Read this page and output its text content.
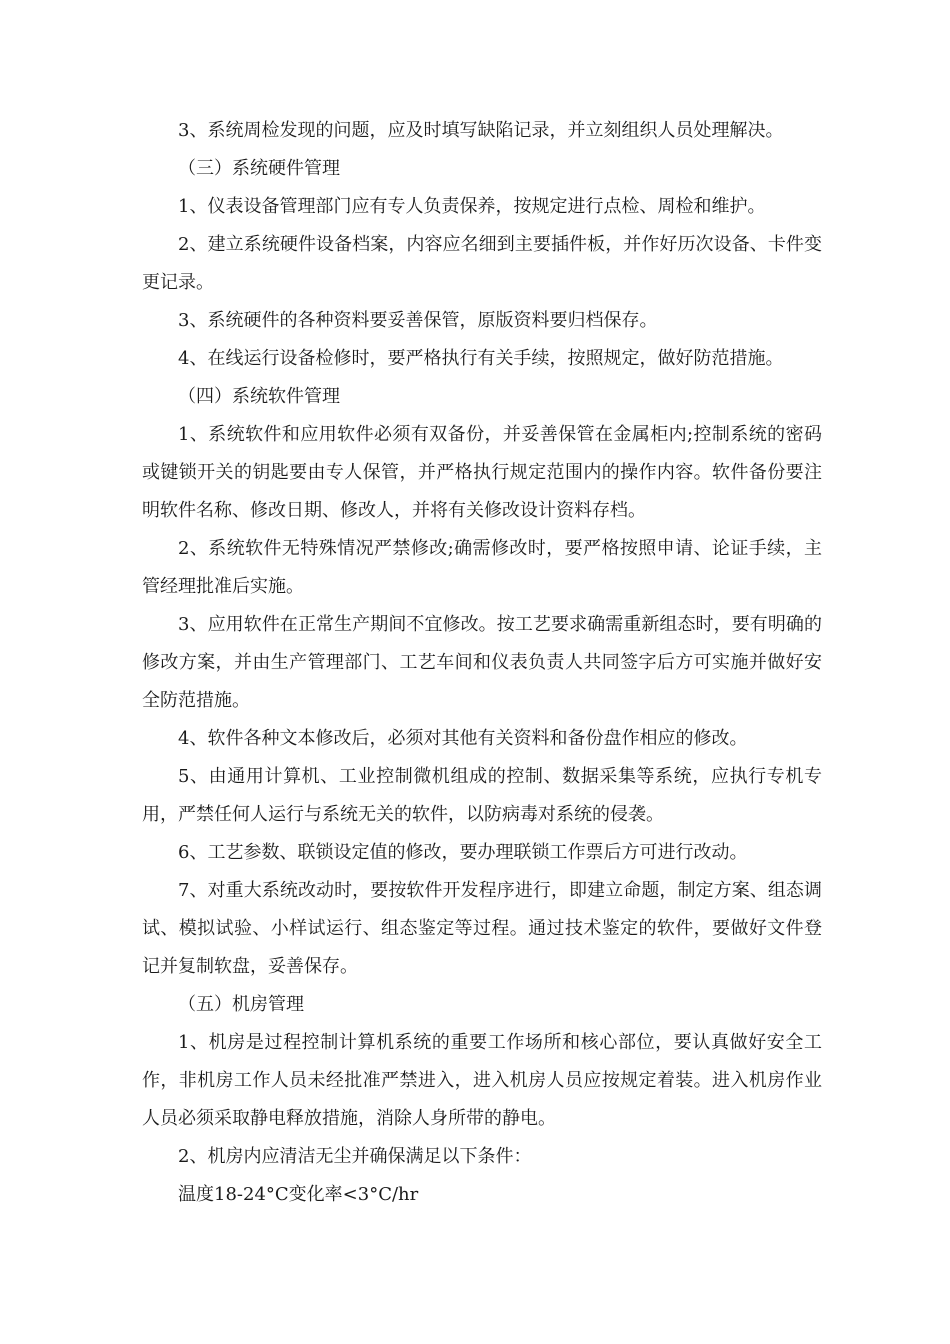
3、系统周检发现的问题，应及时填写缺陷记录，并立刻组织人员处理解决。

（三）系统硬件管理

1、仪表设备管理部门应有专人负责保养，按规定进行点检、周检和维护。

2、建立系统硬件设备档案，内容应名细到主要插件板，并作好历次设备、卡件变更记录。

3、系统硬件的各种资料要妥善保管，原版资料要归档保存。

4、在线运行设备检修时，要严格执行有关手续，按照规定，做好防范措施。

（四）系统软件管理

1、系统软件和应用软件必须有双备份，并妥善保管在金属柜内;控制系统的密码或键锁开关的钥匙要由专人保管，并严格执行规定范围内的操作内容。软件备份要注明软件名称、修改日期、修改人，并将有关修改设计资料存档。

2、系统软件无特殊情况严禁修改;确需修改时，要严格按照申请、论证手续，主管经理批准后实施。

3、应用软件在正常生产期间不宜修改。按工艺要求确需重新组态时，要有明确的修改方案，并由生产管理部门、工艺车间和仪表负责人共同签字后方可实施并做好安全防范措施。

4、软件各种文本修改后，必须对其他有关资料和备份盘作相应的修改。

5、由通用计算机、工业控制微机组成的控制、数据采集等系统，应执行专机专用，严禁任何人运行与系统无关的软件，以防病毒对系统的侵袭。

6、工艺参数、联锁设定值的修改，要办理联锁工作票后方可进行改动。

7、对重大系统改动时，要按软件开发程序进行，即建立命题，制定方案、组态调试、模拟试验、小样试运行、组态鉴定等过程。通过技术鉴定的软件，要做好文件登记并复制软盘，妥善保存。

（五）机房管理

1、机房是过程控制计算机系统的重要工作场所和核心部位，要认真做好安全工作，非机房工作人员未经批准严禁进入，进入机房人员应按规定着装。进入机房作业人员必须采取静电释放措施，消除人身所带的静电。

2、机房内应清洁无尘并确保满足以下条件：

温度18-24°C变化率<3°C/hr
